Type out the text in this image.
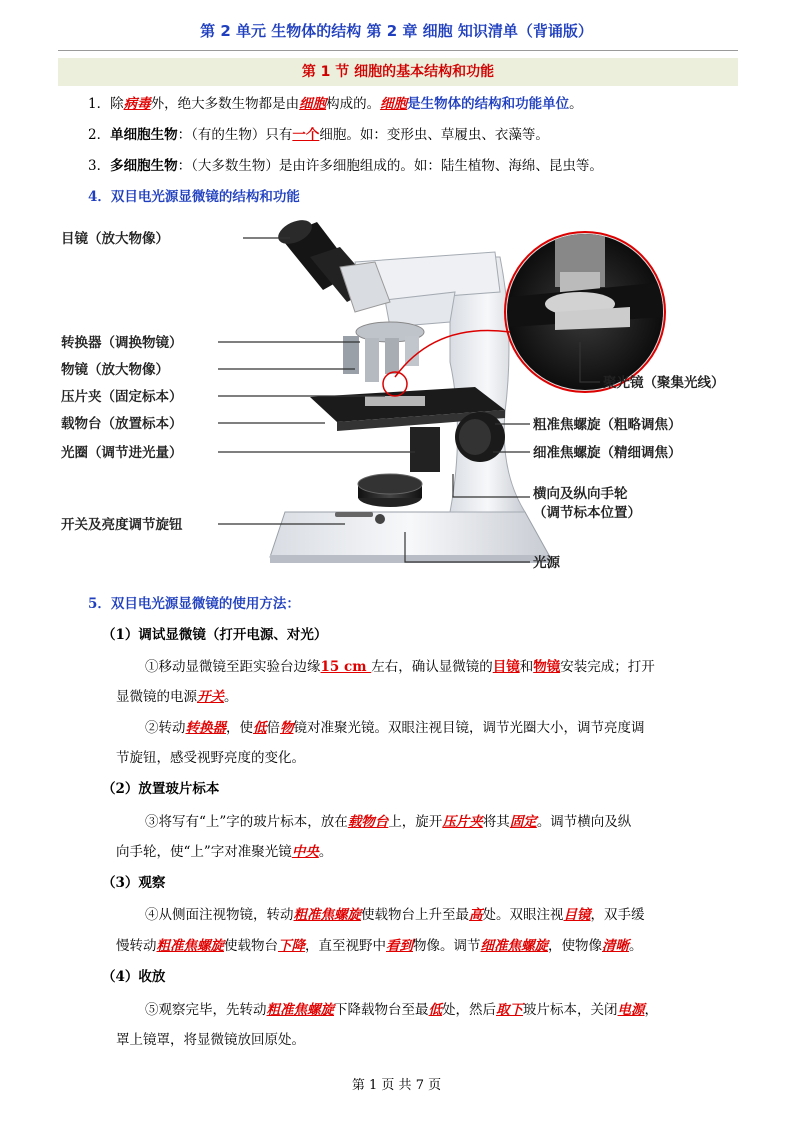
第 2 单元 生物体的结构 第 2 章 细胞 知识清单（背诵版）
第 1 节 细胞的基本结构和功能
1．除病毒外，绝大多数生物都是由细胞构成的。细胞是生物体的结构和功能单位。
2．单细胞生物：（有的生物）只有一个细胞。如：变形虫、草履虫、衣藻等。
3．多细胞生物：（大多数生物）是由许多细胞组成的。如：陆生植物、海绵、昆虫等。
4．双目电光源显微镜的结构和功能
目镜（放大物像）
转换器（调换物镜）
物镜（放大物像）
压片夹（固定标本）
载物台（放置标本）
光圈（调节进光量）
开关及亮度调节旋钮
聚光镜（聚集光线）
粗准焦螺旋（粗略调焦）
细准焦螺旋（精细调焦）
横向及纵向手轮
（调节标本位置）
光源
5．双目电光源显微镜的使用方法：
（1）调试显微镜（打开电源、对光）
①移动显微镜至距实验台边缘15 cm 左右，确认显微镜的目镜和物镜安装完成；打开
显微镜的电源开关。
②转动转换器，使低倍物镜对准聚光镜。双眼注视目镜，调节光圈大小，调节亮度调
节旋钮，感受视野亮度的变化。
（2）放置玻片标本
③将写有“上”字的玻片标本，放在载物台上，旋开压片夹将其固定。调节横向及纵
向手轮，使“上”字对准聚光镜中央。
（3）观察
④从侧面注视物镜，转动粗准焦螺旋使载物台上升至最高处。双眼注视目镜，双手缓
慢转动粗准焦螺旋使载物台下降，直至视野中看到物像。调节细准焦螺旋，使物像清晰。
（4）收放
⑤观察完毕，先转动粗准焦螺旋下降载物台至最低处，然后取下玻片标本，关闭电源，
罩上镜罩，将显微镜放回原处。
第 1 页 共 7 页
